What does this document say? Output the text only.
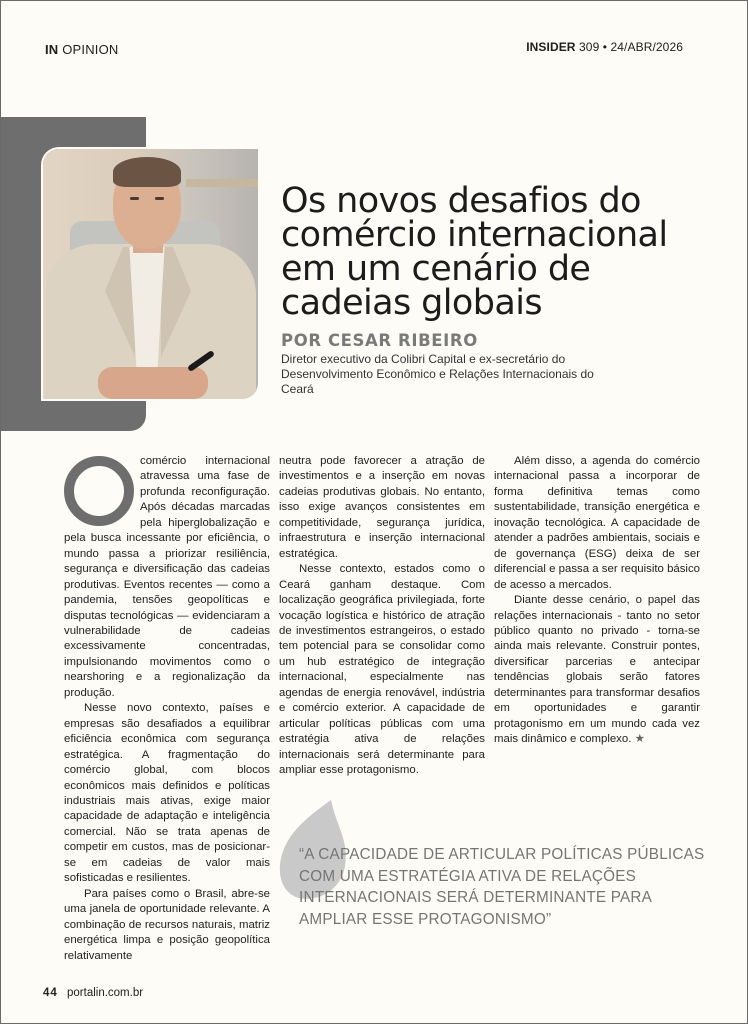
IN OPINION	INSIDER 309 • 24/ABR/2026
Os novos desafios do comércio internacional em um cenário de cadeias globais
POR CESAR RIBEIRO
Diretor executivo da Colibri Capital e ex-secretário do Desenvolvimento Econômico e Relações Internacionais do Ceará

comércio internacional atravessa uma fase de profunda reconfiguração. Após décadas marcadas pela hiperglobalização e pela busca incessante por eficiência, o mundo passa a priorizar resiliência, segurança e diversificação das cadeias produtivas. Eventos recentes — como a pandemia, tensões geopolíticas e disputas tecnológicas — evidenciaram a vulnerabilidade de cadeias excessivamente concentradas, impulsionando movimentos como o nearshoring e a regionalização da produção.

Nesse novo contexto, países e empresas são desafiados a equilibrar eficiência econômica com segurança estratégica. A fragmentação do comércio global, com blocos econômicos mais definidos e políticas industriais mais ativas, exige maior capacidade de adaptação e inteligência comercial. Não se trata apenas de competir em custos, mas de posicionar-se em cadeias de valor mais sofisticadas e resilientes.

Para países como o Brasil, abre-se uma janela de oportunidade relevante. A combinação de recursos naturais, matriz energética limpa e posição geopolítica relativamente

neutra pode favorecer a atração de investimentos e a inserção em novas cadeias produtivas globais. No entanto, isso exige avanços consistentes em competitividade, segurança jurídica, infraestrutura e inserção internacional estratégica.

Nesse contexto, estados como o Ceará ganham destaque. Com localização geográfica privilegiada, forte vocação logística e histórico de atração de investimentos estrangeiros, o estado tem potencial para se consolidar como um hub estratégico de integração internacional, especialmente nas agendas de energia renovável, indústria e comércio exterior. A capacidade de articular políticas públicas com uma estratégia ativa de relações internacionais será determinante para ampliar esse protagonismo.

Além disso, a agenda do comércio internacional passa a incorporar de forma definitiva temas como sustentabilidade, transição energética e inovação tecnológica. A capacidade de atender a padrões ambientais, sociais e de governança (ESG) deixa de ser diferencial e passa a ser requisito básico de acesso a mercados.

Diante desse cenário, o papel das relações internacionais - tanto no setor público quanto no privado - torna-se ainda mais relevante. Construir pontes, diversificar parcerias e antecipar tendências globais serão fatores determinantes para transformar desafios em oportunidades e garantir protagonismo em um mundo cada vez mais dinâmico e complexo. ★

“A CAPACIDADE DE ARTICULAR POLÍTICAS PÚBLICAS COM UMA ESTRATÉGIA ATIVA DE RELAÇÕES INTERNACIONAIS SERÁ DETERMINANTE PARA AMPLIAR ESSE PROTAGONISMO”

44 portalin.com.br
